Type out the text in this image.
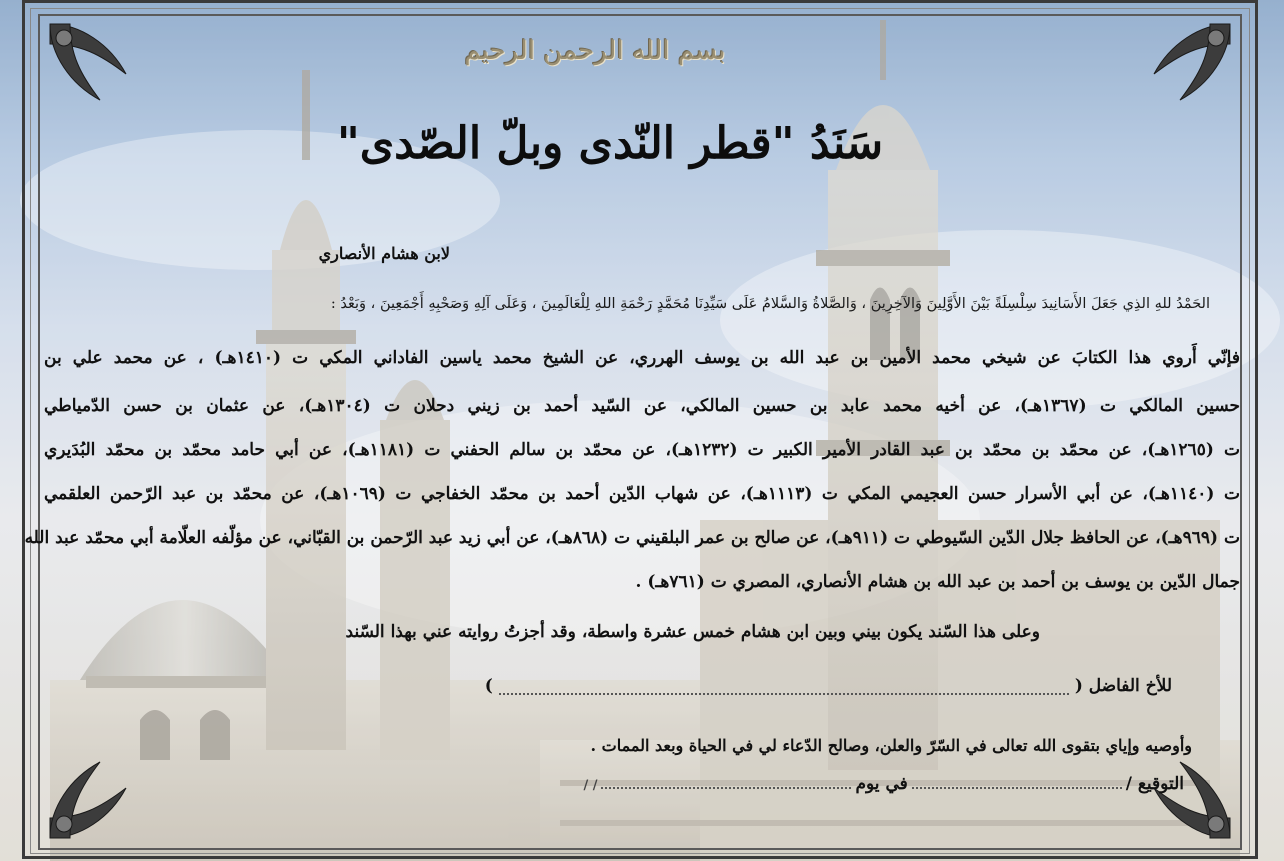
بسم الله الرحمن الرحيم
سَنَدُ "قطر النّدى وبلّ الصّدى"
لابن هشام الأنصاري
الحَمْدُ للهِ الذِي جَعَلَ الأَسَانِيدَ سِلْسِلَةً بَيْنَ الأَوَّلِينَ وَالآخِرِينَ ، وَالصَّلاةُ وَالسَّلامُ عَلَى سَيِّدِنَا مُحَمَّدٍ رَحْمَةِ اللهِ لِلْعَالَمِينَ ، وَعَلَى آلِهِ وَصَحْبِهِ أَجْمَعِينَ ، وَبَعْدُ :
فإنّي أَروي هذا الكتابَ عن شيخي محمد الأمين بن عبد الله بن يوسف الهرري، عن الشيخ محمد ياسين الفاداني المكي ت (١٤١٠هـ) ، عن محمد علي بن
حسين المالكي ت (١٣٦٧هـ)، عن أخيه محمد عابد بن حسين المالكي، عن السّيد أحمد بن زيني دحلان ت (١٣٠٤هـ)، عن عثمان بن حسن الدّمياطي
ت (١٢٦٥هـ)، عن محمّد بن محمّد بن عبد القادر الأمير الكبير ت (١٢٣٢هـ)، عن محمّد بن سالم الحفني ت (١١٨١هـ)، عن أبي حامد محمّد بن محمّد البُدَيري
ت (١١٤٠هـ)، عن أبي الأسرار حسن العجيمي المكي ت (١١١٣هـ)، عن شهاب الدّين أحمد بن محمّد الخفاجي ت (١٠٦٩هـ)، عن محمّد بن عبد الرّحمن العلقمي
ت (٩٦٩هـ)، عن الحافظ جلال الدّين السّيوطي ت (٩١١هـ)، عن صالح بن عمر البلقيني ت (٨٦٨هـ)، عن أبي زيد عبد الرّحمن بن القبّاني، عن مؤلّفه العلّامة أبي محمّد عبد الله
جمال الدّين بن يوسف بن أحمد بن عبد الله بن هشام الأنصاري، المصري ت (٧٦١هـ) .
وعلى هذا السّند يكون بيني وبين ابن هشام خمس عشرة واسطة، وقد أجزتُ روايته عني بهذا السّند
للأخ الفاضل ()
وأوصيه وإياي بتقوى الله تعالى في السّرّ والعلن، وصالح الدّعاء لي في الحياة وبعد الممات .
التوقيع /في يوم/ /
